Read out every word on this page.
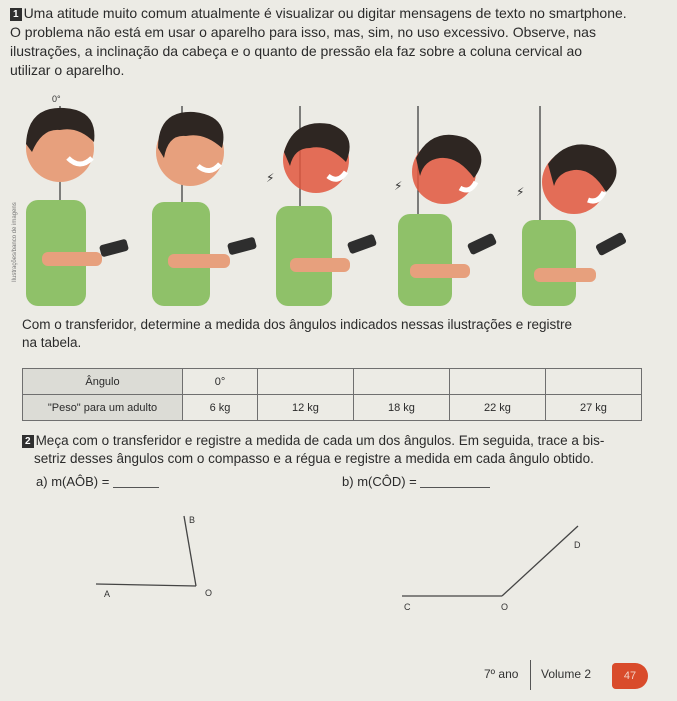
1 Uma atitude muito comum atualmente é visualizar ou digitar mensagens de texto no smartphone.
O problema não está em usar o aparelho para isso, mas, sim, no uso excessivo. Observe, nas
ilustrações, a inclinação da cabeça e o quanto de pressão ela faz sobre a coluna cervical ao
utilizar o aparelho.
0°
Ilustrações/banco de imagens
⚡
⚡	⚡
Com o transferidor, determine a medida dos ângulos indicados nessas ilustrações e registre
na tabela.
Ângulo	0°				
"Peso" para um adulto	6 kg	12 kg	18 kg	22 kg	27 kg
2 Meça com o transferidor e registre a medida de cada um dos ângulos. Em seguida, trace a bis-
setriz desses ângulos com o compasso e a régua e registre a medida em cada ângulo obtido.
a) m(AÔB) =	b) m(CÔD) =
B
A	O
D
C	O
7º ano Volume 2	47
